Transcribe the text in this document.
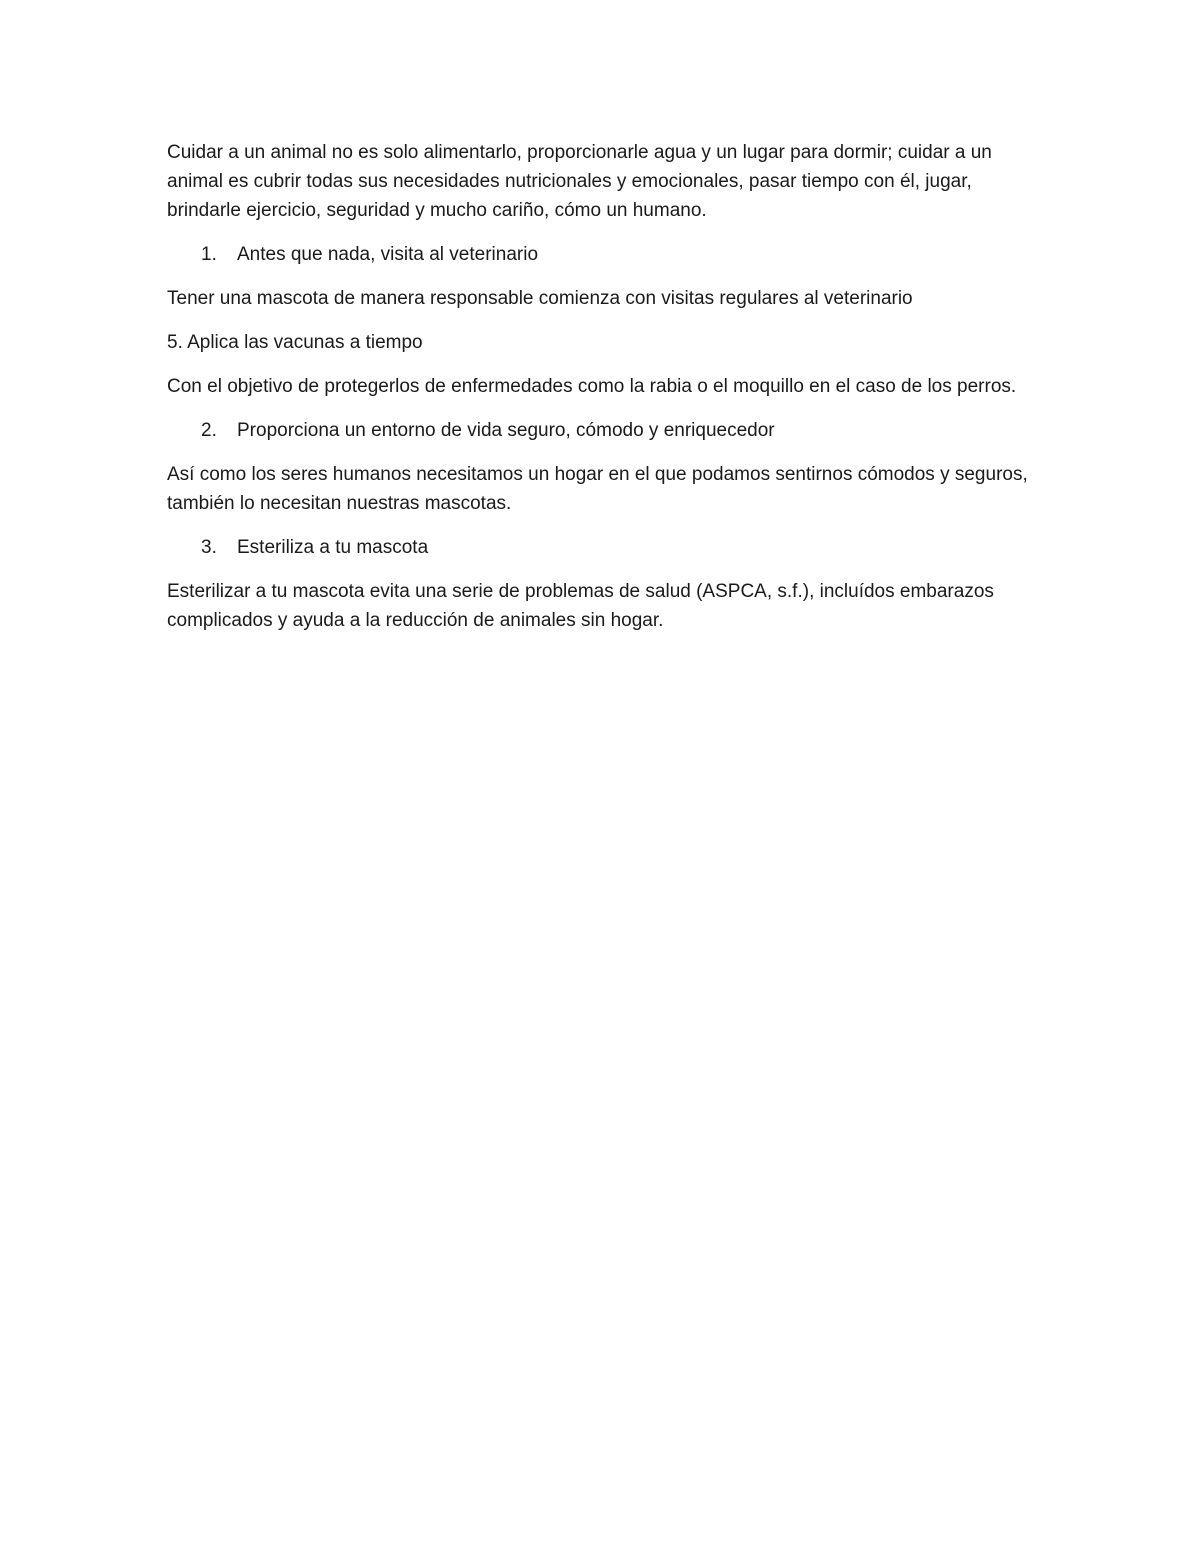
Cuidar a un animal no es solo alimentarlo, proporcionarle agua y un lugar para dormir; cuidar a un animal es cubrir todas sus necesidades nutricionales y emocionales, pasar tiempo con él, jugar, brindarle ejercicio, seguridad y mucho cariño, cómo un humano.

1.	Antes que nada, visita al veterinario

Tener una mascota de manera responsable comienza con visitas regulares al veterinario

5. Aplica las vacunas a tiempo

Con el objetivo de protegerlos de enfermedades como la rabia o el moquillo en el caso de los perros.

2.	Proporciona un entorno de vida seguro, cómodo y enriquecedor

Así como los seres humanos necesitamos un hogar en el que podamos sentirnos cómodos y seguros, también lo necesitan nuestras mascotas.

3.	Esteriliza a tu mascota

Esterilizar a tu mascota evita una serie de problemas de salud (ASPCA, s.f.), incluídos embarazos complicados y ayuda a la reducción de animales sin hogar.
